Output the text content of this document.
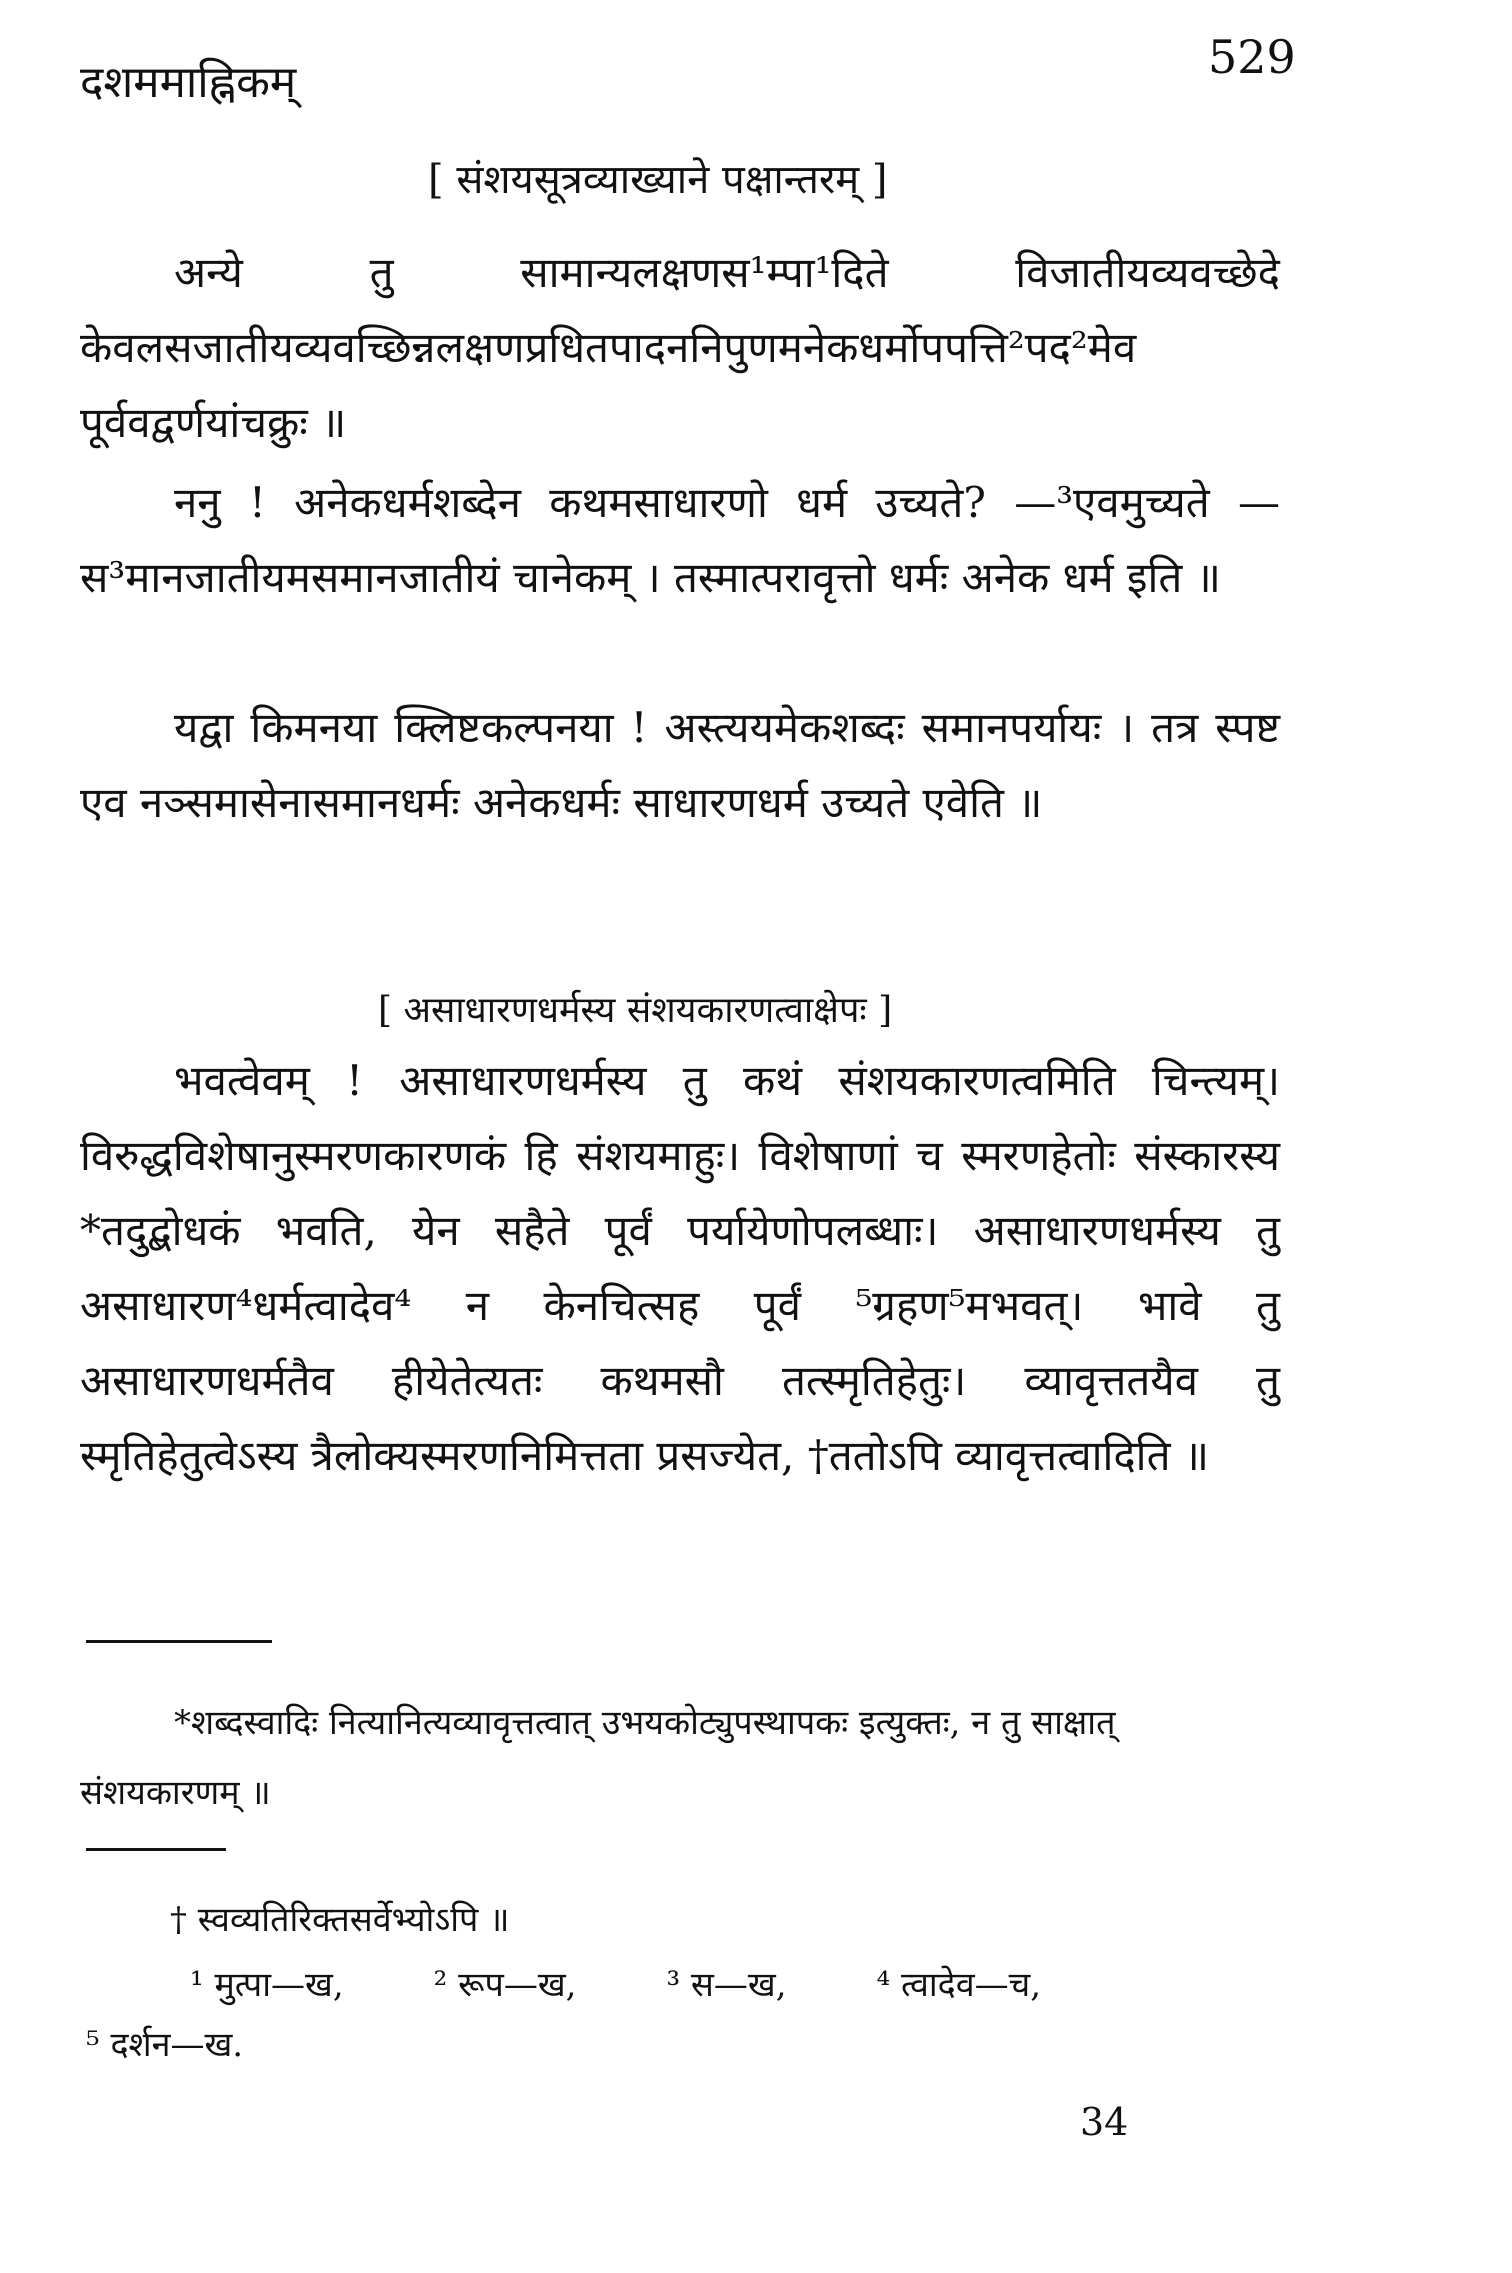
दशममाह्निकम्	529
[ संशयसूत्रव्याख्याने पक्षान्तरम् ]

अन्ये तु सामान्यलक्षणस¹म्पा¹दिते विजातीयव्यवच्छेदे केवलसजातीयव्यवच्छिन्नलक्षणप्रधितपादननिपुणमनेकधर्मोपपत्ति²पद²मेव पूर्ववद्वर्णयांचक्रुः ॥

ननु ! अनेकधर्मशब्देन कथमसाधारणो धर्म उच्यते? —³एवमुच्यते —स³मानजातीयमसमानजातीयं चानेकम् । तस्मात्परावृत्तो धर्मः अनेक धर्म इति ॥

यद्वा किमनया क्लिष्टकल्पनया ! अस्त्ययमेकशब्दः समानपर्यायः । तत्र स्पष्ट एव नञ्समासेनासमानधर्मः अनेकधर्मः साधारणधर्म उच्यते एवेति ॥

[ असाधारणधर्मस्य संशयकारणत्वाक्षेपः ]

भवत्वेवम् ! असाधारणधर्मस्य तु कथं संशयकारणत्वमिति चिन्त्यम्। विरुद्धविशेषानुस्मरणकारणकं हि संशयमाहुः। विशेषाणां च स्मरणहेतोः संस्कारस्य *तदुद्बोधकं भवति, येन सहैते पूर्वं पर्यायेणोपलब्धाः। असाधारणधर्मस्य तु असाधारण⁴धर्मत्वादेव⁴ न केनचित्सह पूर्वं ⁵ग्रहण⁵मभवत्। भावे तु असाधारणधर्मतैव हीयेतेत्यतः कथमसौ तत्स्मृतिहेतुः। व्यावृत्ततयैव तु स्मृतिहेतुत्वेऽस्य त्रैलोक्यस्मरणनिमित्तता प्रसज्येत, †ततोऽपि व्यावृत्तत्वादिति ॥

*शब्दस्वादिः नित्यानित्यव्यावृत्तत्वात् उभयकोट्युपस्थापकः इत्युक्तः, न तु साक्षात् संशयकारणम् ॥

† स्वव्यतिरिक्तसर्वेभ्योऽपि ॥
¹ मुत्पा—ख,	² रूप—ख,	³ स—ख,	⁴ त्वादेव—च,
⁵ दर्शन—ख.
34
